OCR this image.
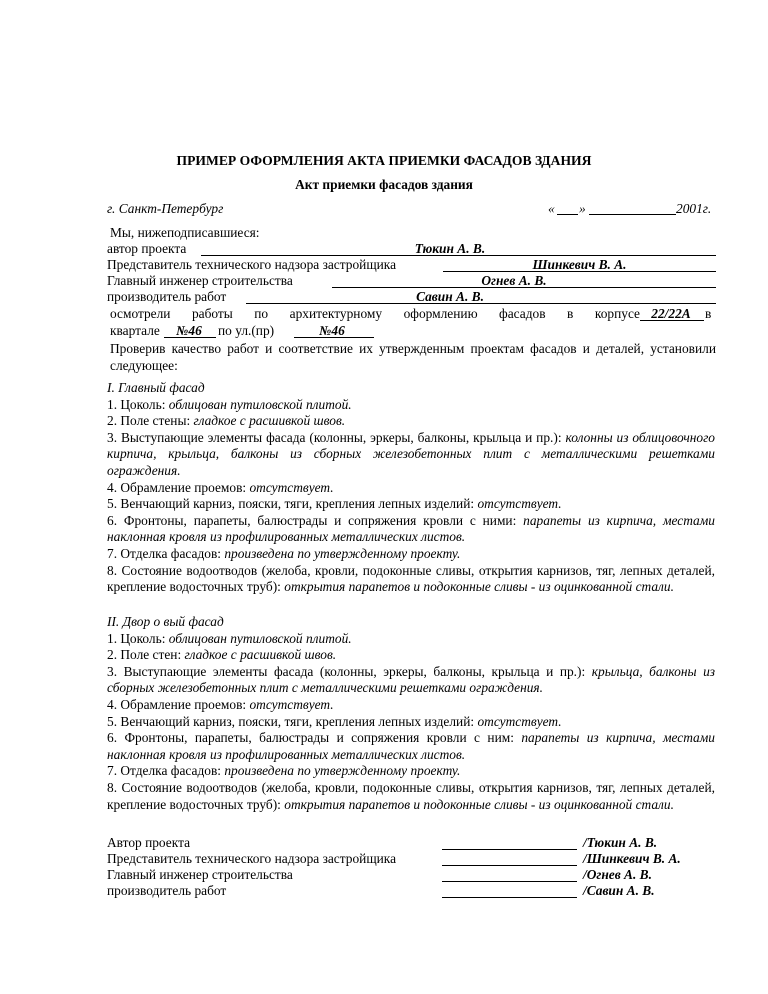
ПРИМЕР ОФОРМЛЕНИЯ АКТА ПРИЕМКИ ФАСАДОВ ЗДАНИЯ
Акт приемки фасадов здания
г. Санкт-Петербург	« »	2001г.
Мы, нижеподписавшиеся:
автор проекта	Тюкин А. В.
Представитель технического надзора застройщика	Шинкевич В. А.
Главный инженер строительства	Огнев А. В.
производитель работ	Савин А. В.
осмотрели работы по архитектурному оформлению фасадов в корпусе 22/22А	в
квартале	№46	по ул.(пр)	№46
Проверив качество работ и соответствие их утвержденным проектам фасадов и деталей, установили следующее:

I. Главный фасад

1. Цоколь: облицован путиловской плитой.

2. Поле стены: гладкое с расшивкой швов.

3. Выступающие элементы фасада (колонны, эркеры, балконы, крыльца и пр.): колонны из облицовочного кирпича, крыльца, балконы из сборных железобетонных плит с металлическими решетками ограждения.

4. Обрамление проемов: отсутствует.

5. Венчающий карниз, пояски, тяги, крепления лепных изделий: отсутствует.

6. Фронтоны, парапеты, балюстрады и сопряжения кровли с ними: парапеты из кирпича, местами наклонная кровля из профилированных металлических листов.

7. Отделка фасадов: произведена по утвержденному проекту.

8. Состояние водоотводов (желоба, кровли, подоконные сливы, открытия карнизов, тяг, лепных деталей, крепление водосточных труб): открытия парапетов и подоконные сливы - из оцинкованной стали.

II. Двор о вый фасад

1. Цоколь: облицован путиловской плитой.

2. Поле стен: гладкое с расшивкой швов.

3. Выступающие элементы фасада (колонны, эркеры, балконы, крыльца и пр.): крыльца, балконы из сборных железобетонных плит с металлическими решетками ограждения.

4. Обрамление проемов: отсутствует.

5. Венчающий карниз, пояски, тяги, крепления лепных изделий: отсутствует.

6. Фронтоны, парапеты, балюстрады и сопряжения кровли с ним: парапеты из кирпича, местами наклонная кровля из профилированных металлических листов.

7. Отделка фасадов: произведена по утвержденному проекту.

8. Состояние водоотводов (желоба, кровли, подоконные сливы, открытия карнизов, тяг, лепных деталей, крепление водосточных труб): открытия парапетов и подоконные сливы - из оцинкованной стали.

Автор проекта	/Тюкин А. В.
Представитель технического надзора застройщика	/Шинкевич В. А.
Главный инженер строительства	/Огнев А. В.
производитель работ	/Савин А. В.
